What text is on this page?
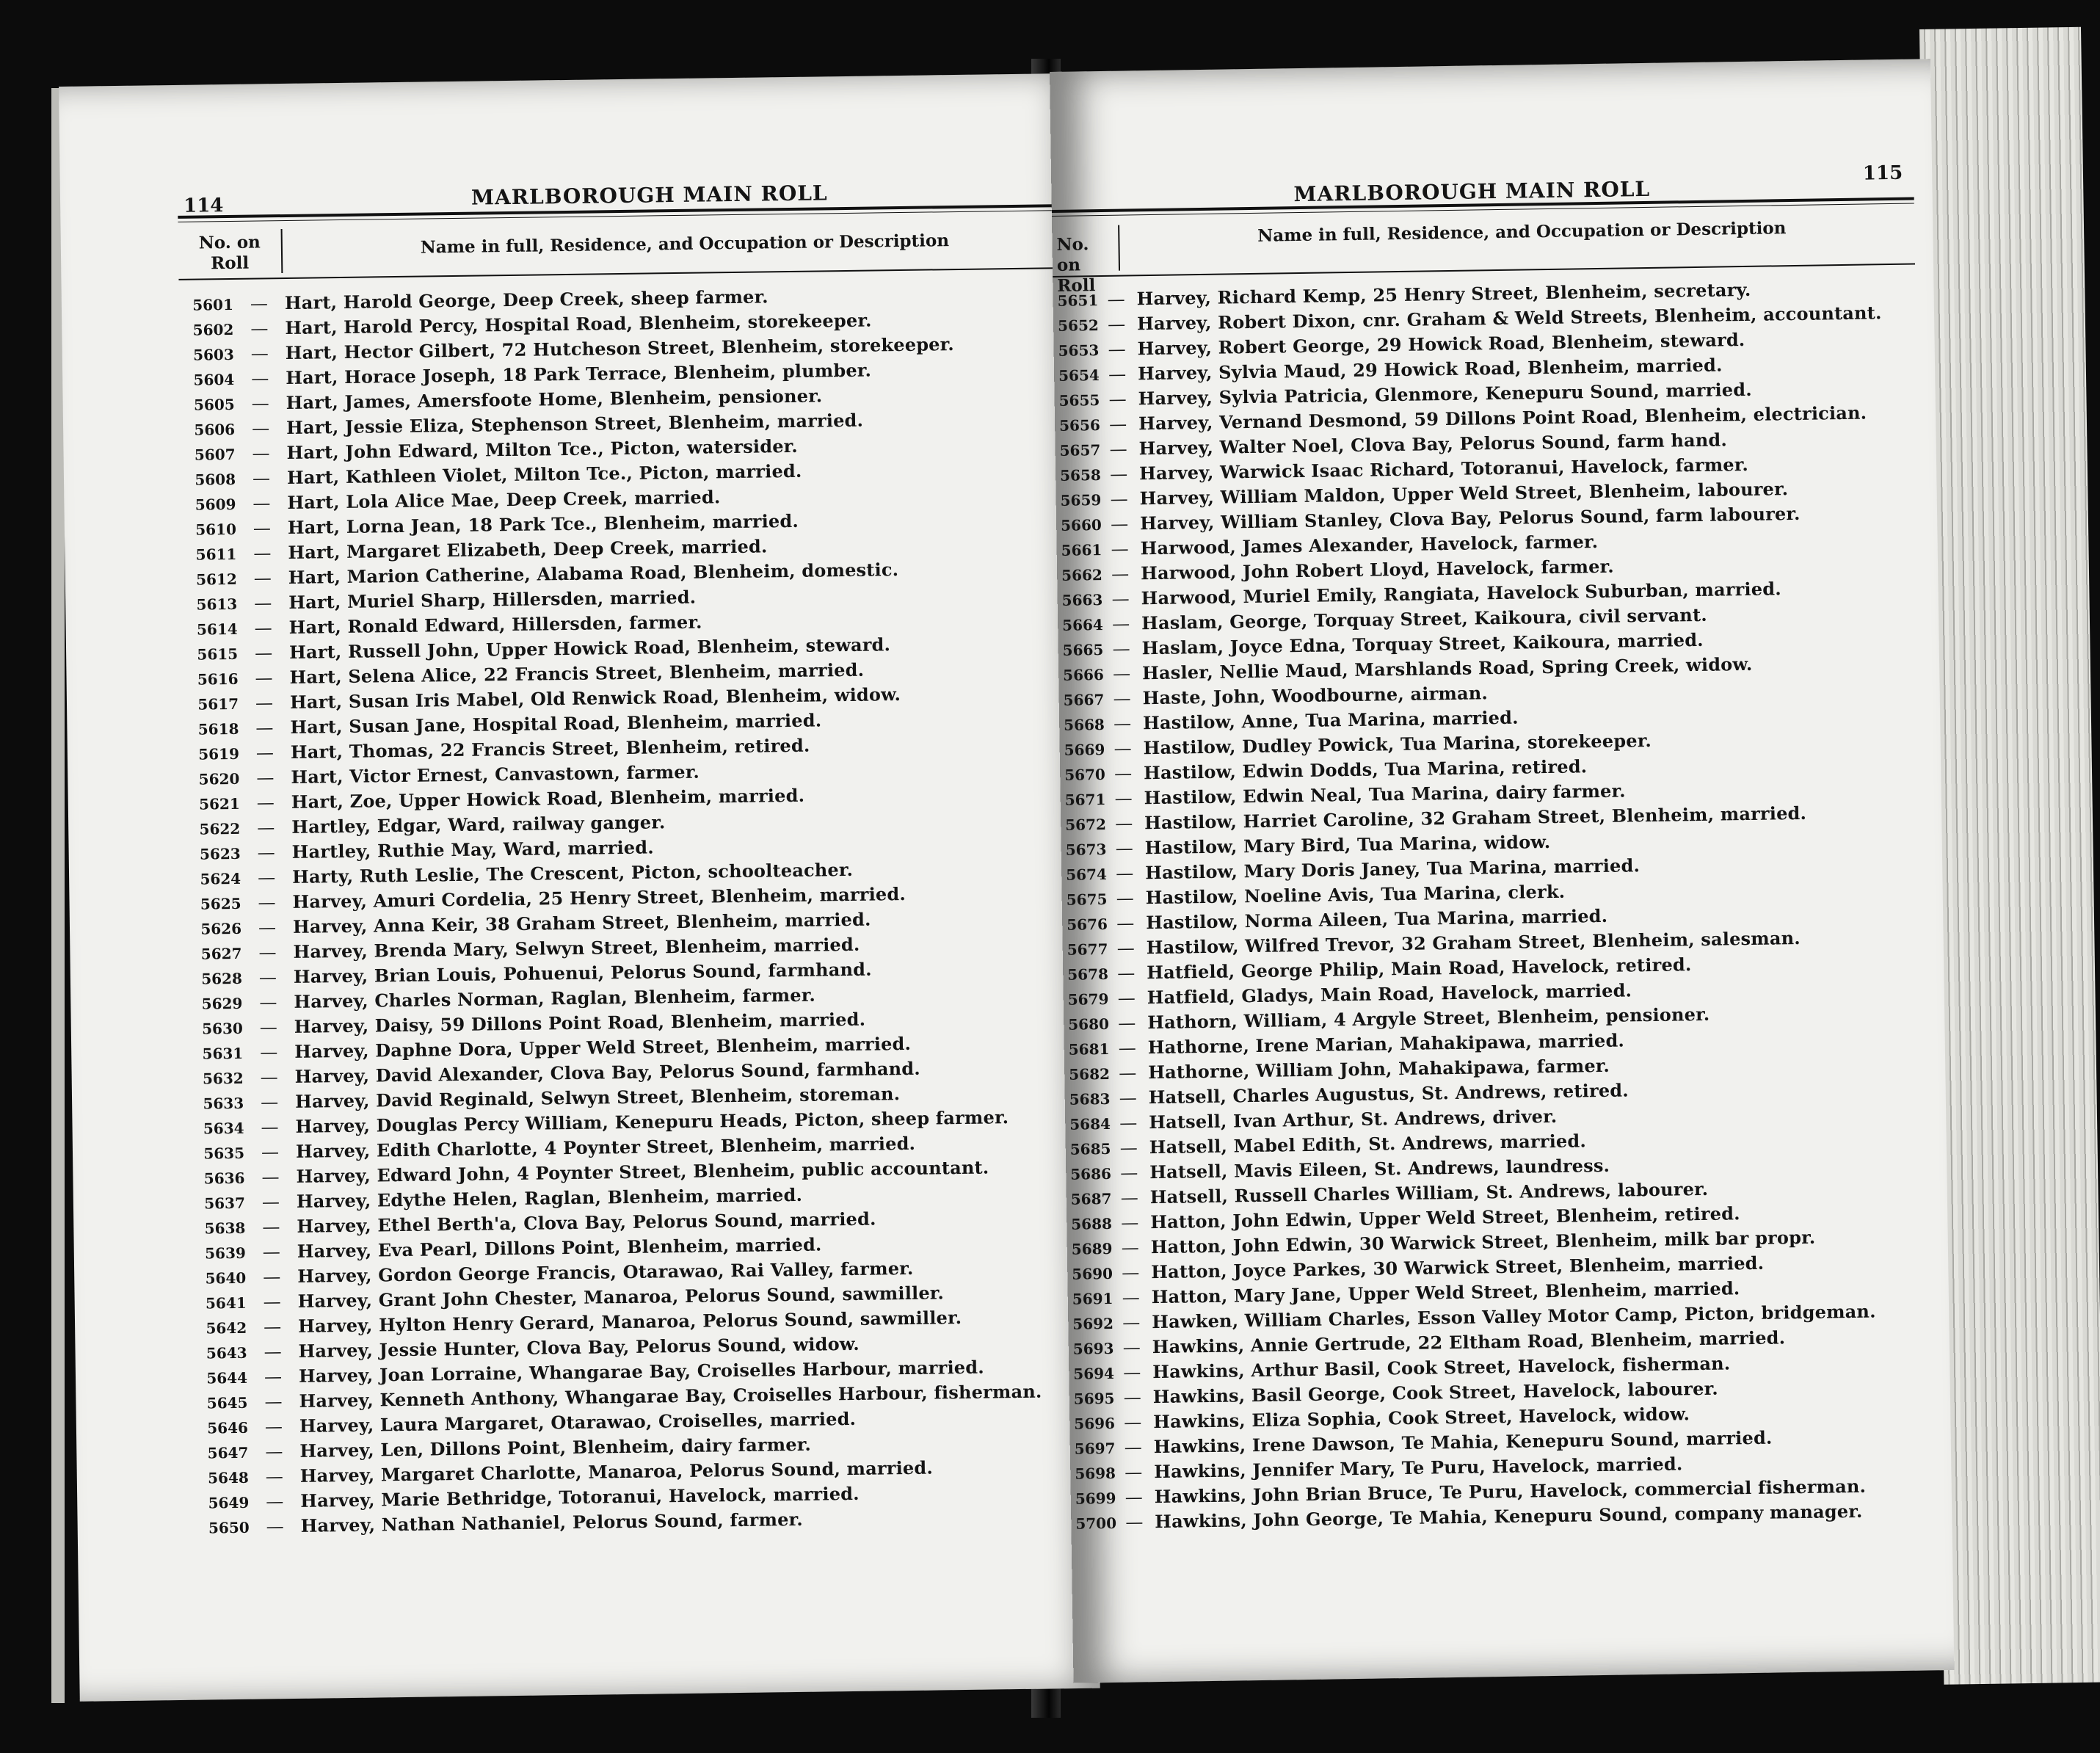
114	MARLBOROUGH MAIN ROLL
No. on Roll
Name in full, Residence, and Occupation or Description
5601 — Hart, Harold George, Deep Creek, sheep farmer.
5602 — Hart, Harold Percy, Hospital Road, Blenheim, storekeeper.
5603 — Hart, Hector Gilbert, 72 Hutcheson Street, Blenheim, storekeeper.
5604 — Hart, Horace Joseph, 18 Park Terrace, Blenheim, plumber.
5605 — Hart, James, Amersfoote Home, Blenheim, pensioner.
5606 — Hart, Jessie Eliza, Stephenson Street, Blenheim, married.
5607 — Hart, John Edward, Milton Tce., Picton, watersider.
5608 — Hart, Kathleen Violet, Milton Tce., Picton, married.
5609 — Hart, Lola Alice Mae, Deep Creek, married.
5610 — Hart, Lorna Jean, 18 Park Tce., Blenheim, married.
5611 — Hart, Margaret Elizabeth, Deep Creek, married.
5612 — Hart, Marion Catherine, Alabama Road, Blenheim, domestic.
5613 — Hart, Muriel Sharp, Hillersden, married.
5614 — Hart, Ronald Edward, Hillersden, farmer.
5615 — Hart, Russell John, Upper Howick Road, Blenheim, steward.
5616 — Hart, Selena Alice, 22 Francis Street, Blenheim, married.
5617 — Hart, Susan Iris Mabel, Old Renwick Road, Blenheim, widow.
5618 — Hart, Susan Jane, Hospital Road, Blenheim, married.
5619 — Hart, Thomas, 22 Francis Street, Blenheim, retired.
5620 — Hart, Victor Ernest, Canvastown, farmer.
5621 — Hart, Zoe, Upper Howick Road, Blenheim, married.
5622 — Hartley, Edgar, Ward, railway ganger.
5623 — Hartley, Ruthie May, Ward, married.
5624 — Harty, Ruth Leslie, The Crescent, Picton, schoolteacher.
5625 — Harvey, Amuri Cordelia, 25 Henry Street, Blenheim, married.
5626 — Harvey, Anna Keir, 38 Graham Street, Blenheim, married.
5627 — Harvey, Brenda Mary, Selwyn Street, Blenheim, married.
5628 — Harvey, Brian Louis, Pohuenui, Pelorus Sound, farmhand.
5629 — Harvey, Charles Norman, Raglan, Blenheim, farmer.
5630 — Harvey, Daisy, 59 Dillons Point Road, Blenheim, married.
5631 — Harvey, Daphne Dora, Upper Weld Street, Blenheim, married.
5632 — Harvey, David Alexander, Clova Bay, Pelorus Sound, farmhand.
5633 — Harvey, David Reginald, Selwyn Street, Blenheim, storeman.
5634 — Harvey, Douglas Percy William, Kenepuru Heads, Picton, sheep farmer.
5635 — Harvey, Edith Charlotte, 4 Poynter Street, Blenheim, married.
5636 — Harvey, Edward John, 4 Poynter Street, Blenheim, public accountant.
5637 — Harvey, Edythe Helen, Raglan, Blenheim, married.
5638 — Harvey, Ethel Berth'a, Clova Bay, Pelorus Sound, married.
5639 — Harvey, Eva Pearl, Dillons Point, Blenheim, married.
5640 — Harvey, Gordon George Francis, Otarawao, Rai Valley, farmer.
5641 — Harvey, Grant John Chester, Manaroa, Pelorus Sound, sawmiller.
5642 — Harvey, Hylton Henry Gerard, Manaroa, Pelorus Sound, sawmiller.
5643 — Harvey, Jessie Hunter, Clova Bay, Pelorus Sound, widow.
5644 — Harvey, Joan Lorraine, Whangarae Bay, Croiselles Harbour, married.
5645 — Harvey, Kenneth Anthony, Whangarae Bay, Croiselles Harbour, fisherman.
5646 — Harvey, Laura Margaret, Otarawao, Croiselles, married.
5647 — Harvey, Len, Dillons Point, Blenheim, dairy farmer.
5648 — Harvey, Margaret Charlotte, Manaroa, Pelorus Sound, married.
5649 — Harvey, Marie Bethridge, Totoranui, Havelock, married.
5650 — Harvey, Nathan Nathaniel, Pelorus Sound, farmer.
115
MARLBOROUGH MAIN ROLL
No. on Roll
Name in full, Residence, and Occupation or Description
5651 — Harvey, Richard Kemp, 25 Henry Street, Blenheim, secretary.
5652 — Harvey, Robert Dixon, cnr. Graham & Weld Streets, Blenheim, accountant.
5653 — Harvey, Robert George, 29 Howick Road, Blenheim, steward.
5654 — Harvey, Sylvia Maud, 29 Howick Road, Blenheim, married.
5655 — Harvey, Sylvia Patricia, Glenmore, Kenepuru Sound, married.
5656 — Harvey, Vernand Desmond, 59 Dillons Point Road, Blenheim, electrician.
5657 — Harvey, Walter Noel, Clova Bay, Pelorus Sound, farm hand.
5658 — Harvey, Warwick Isaac Richard, Totoranui, Havelock, farmer.
5659 — Harvey, William Maldon, Upper Weld Street, Blenheim, labourer.
5660 — Harvey, William Stanley, Clova Bay, Pelorus Sound, farm labourer.
5661 — Harwood, James Alexander, Havelock, farmer.
5662 — Harwood, John Robert Lloyd, Havelock, farmer.
5663 — Harwood, Muriel Emily, Rangiata, Havelock Suburban, married.
5664 — Haslam, George, Torquay Street, Kaikoura, civil servant.
5665 — Haslam, Joyce Edna, Torquay Street, Kaikoura, married.
5666 — Hasler, Nellie Maud, Marshlands Road, Spring Creek, widow.
5667 — Haste, John, Woodbourne, airman.
5668 — Hastilow, Anne, Tua Marina, married.
5669 — Hastilow, Dudley Powick, Tua Marina, storekeeper.
5670 — Hastilow, Edwin Dodds, Tua Marina, retired.
5671 — Hastilow, Edwin Neal, Tua Marina, dairy farmer.
5672 — Hastilow, Harriet Caroline, 32 Graham Street, Blenheim, married.
5673 — Hastilow, Mary Bird, Tua Marina, widow.
5674 — Hastilow, Mary Doris Janey, Tua Marina, married.
5675 — Hastilow, Noeline Avis, Tua Marina, clerk.
5676 — Hastilow, Norma Aileen, Tua Marina, married.
5677 — Hastilow, Wilfred Trevor, 32 Graham Street, Blenheim, salesman.
5678 — Hatfield, George Philip, Main Road, Havelock, retired.
5679 — Hatfield, Gladys, Main Road, Havelock, married.
5680 — Hathorn, William, 4 Argyle Street, Blenheim, pensioner.
5681 — Hathorne, Irene Marian, Mahakipawa, married.
5682 — Hathorne, William John, Mahakipawa, farmer.
5683 — Hatsell, Charles Augustus, St. Andrews, retired.
5684 — Hatsell, Ivan Arthur, St. Andrews, driver.
5685 — Hatsell, Mabel Edith, St. Andrews, married.
5686 — Hatsell, Mavis Eileen, St. Andrews, laundress.
5687 — Hatsell, Russell Charles William, St. Andrews, labourer.
5688 — Hatton, John Edwin, Upper Weld Street, Blenheim, retired.
5689 — Hatton, John Edwin, 30 Warwick Street, Blenheim, milk bar propr.
5690 — Hatton, Joyce Parkes, 30 Warwick Street, Blenheim, married.
5691 — Hatton, Mary Jane, Upper Weld Street, Blenheim, married.
5692 — Hawken, William Charles, Esson Valley Motor Camp, Picton, bridgeman.
5693 — Hawkins, Annie Gertrude, 22 Eltham Road, Blenheim, married.
5694 — Hawkins, Arthur Basil, Cook Street, Havelock, fisherman.
5695 — Hawkins, Basil George, Cook Street, Havelock, labourer.
5696 — Hawkins, Eliza Sophia, Cook Street, Havelock, widow.
5697 — Hawkins, Irene Dawson, Te Mahia, Kenepuru Sound, married.
5698 — Hawkins, Jennifer Mary, Te Puru, Havelock, married.
5699 — Hawkins, John Brian Bruce, Te Puru, Havelock, commercial fisherman.
5700 — Hawkins, John George, Te Mahia, Kenepuru Sound, company manager.
